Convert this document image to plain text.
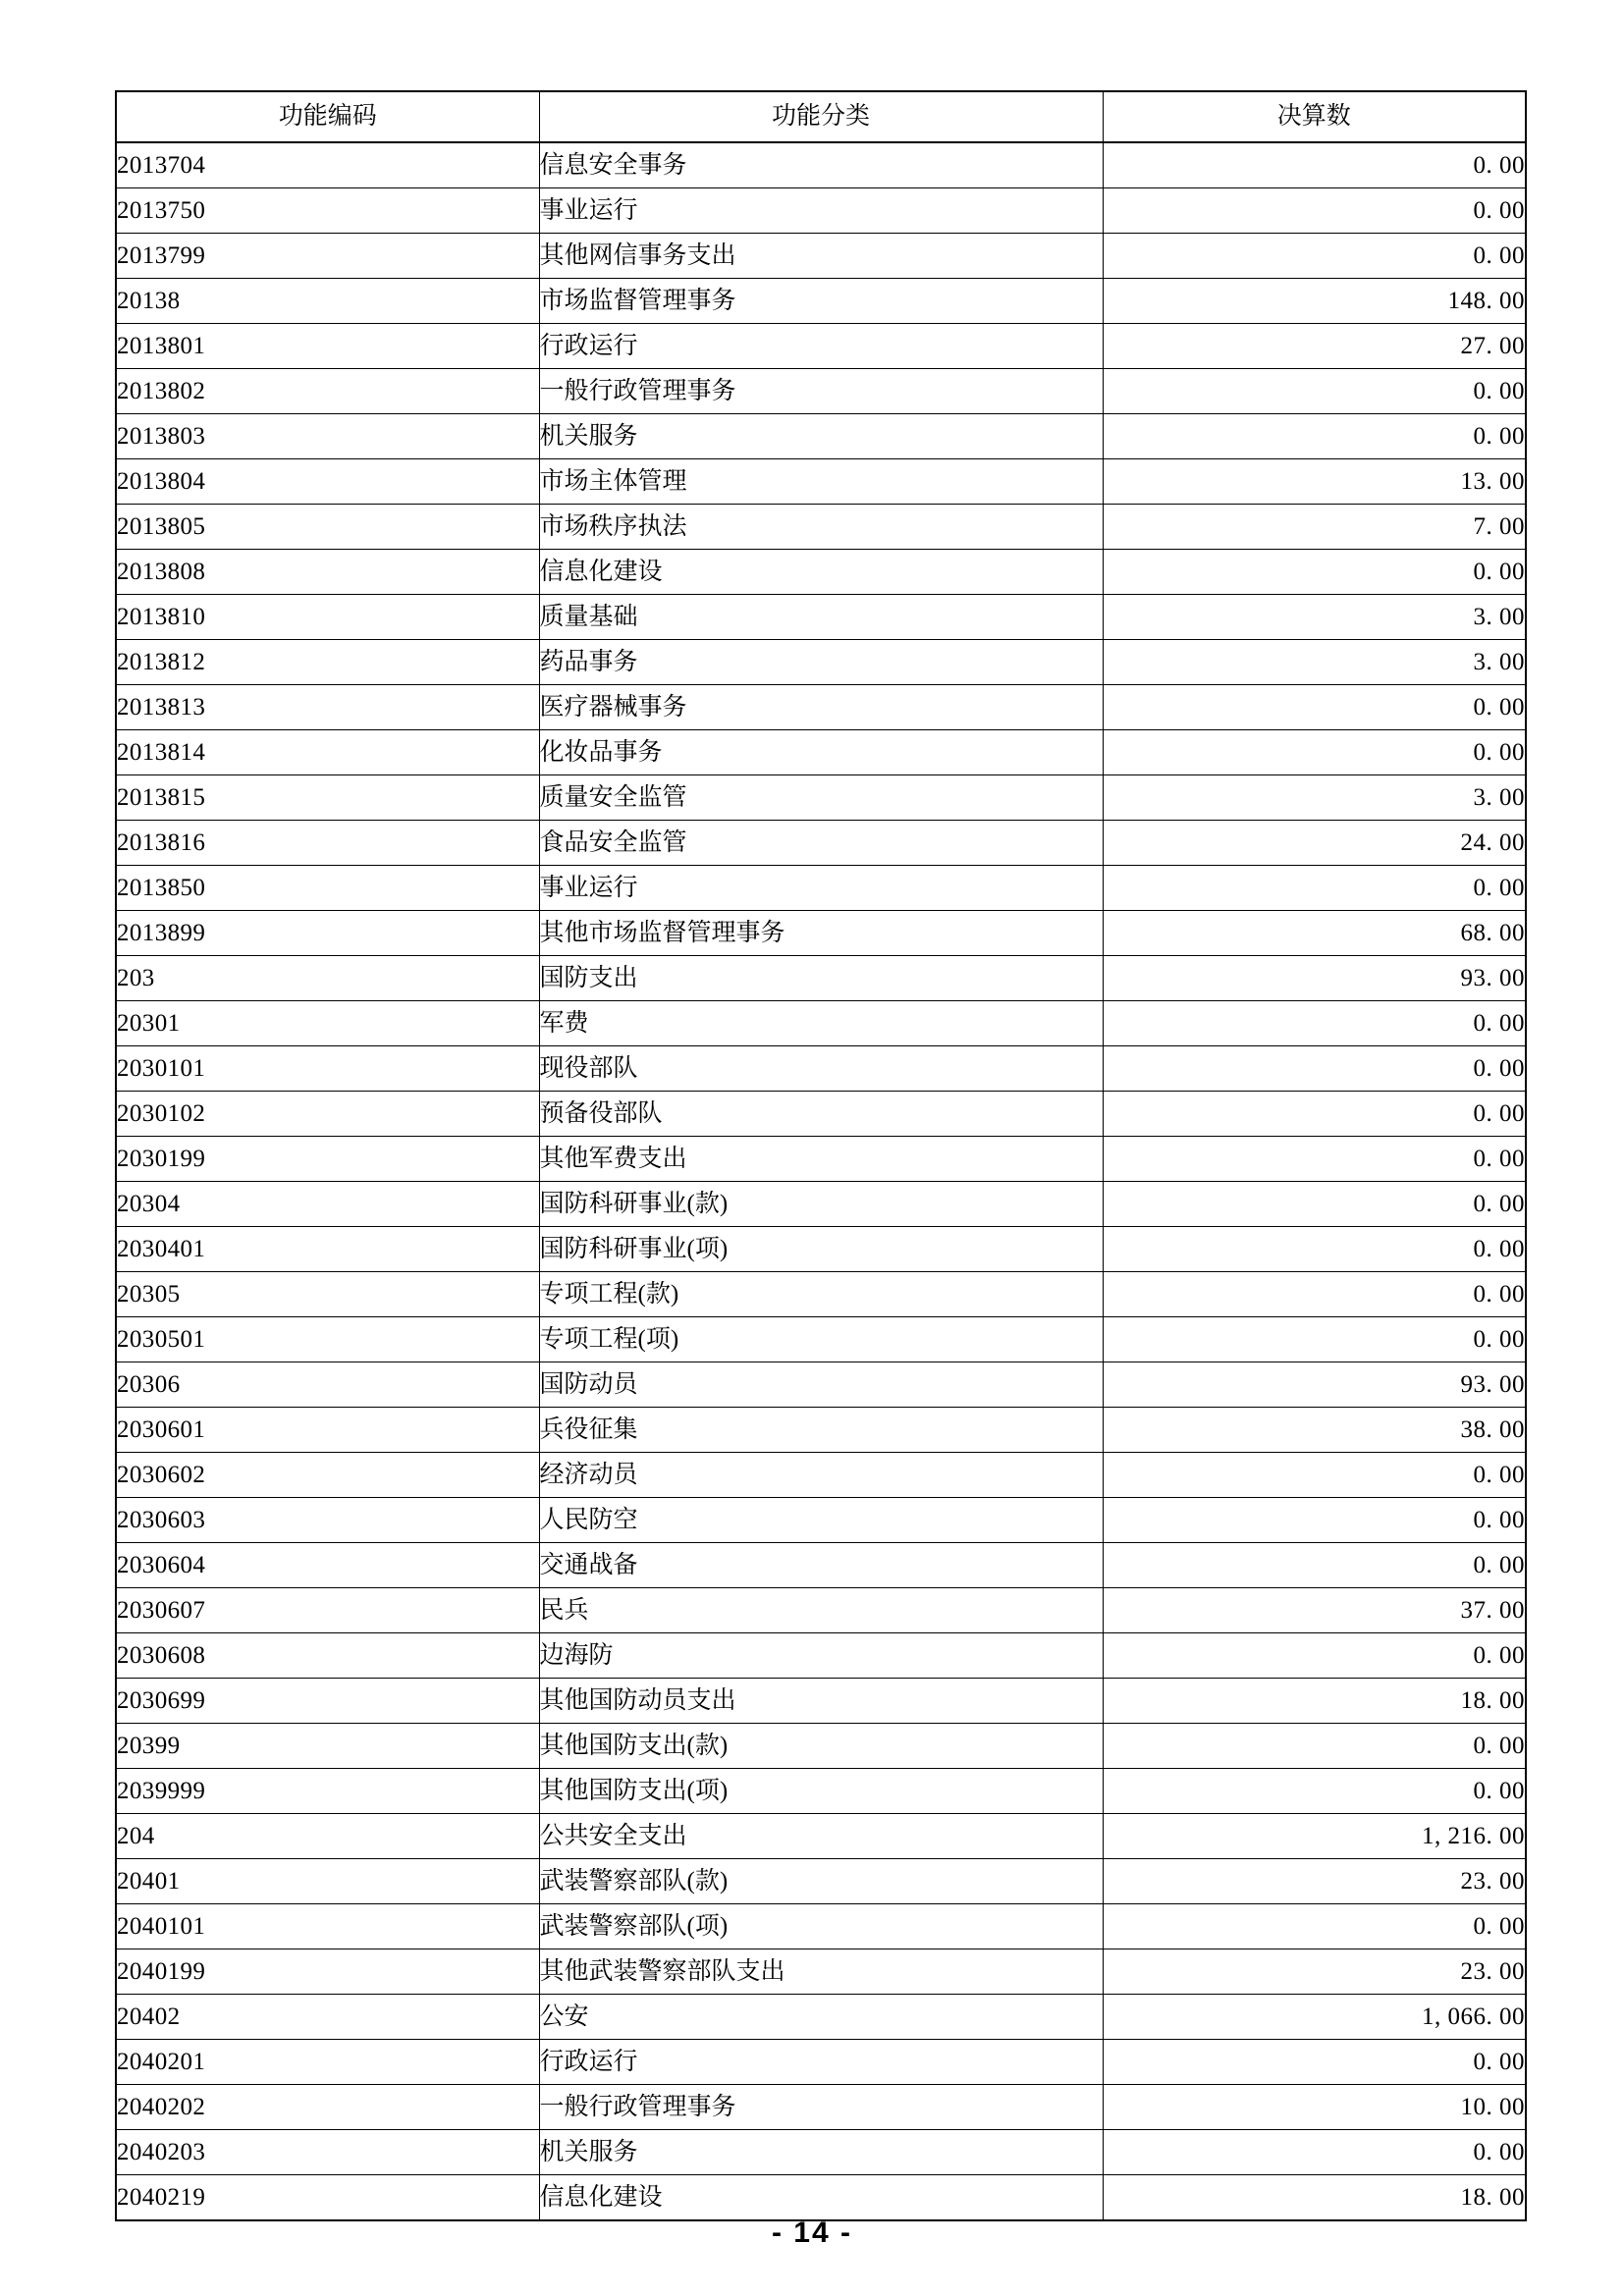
功能编码	功能分类	决算数
2013704	信息安全事务	0. 00
2013750	事业运行	0. 00
2013799	其他网信事务支出	0. 00
20138	市场监督管理事务	148. 00
2013801	行政运行	27. 00
2013802	一般行政管理事务	0. 00
2013803	机关服务	0. 00
2013804	市场主体管理	13. 00
2013805	市场秩序执法	7. 00
2013808	信息化建设	0. 00
2013810	质量基础	3. 00
2013812	药品事务	3. 00
2013813	医疗器械事务	0. 00
2013814	化妆品事务	0. 00
2013815	质量安全监管	3. 00
2013816	食品安全监管	24. 00
2013850	事业运行	0. 00
2013899	其他市场监督管理事务	68. 00
203	国防支出	93. 00
20301	军费	0. 00
2030101	现役部队	0. 00
2030102	预备役部队	0. 00
2030199	其他军费支出	0. 00
20304	国防科研事业(款)	0. 00
2030401	国防科研事业(项)	0. 00
20305	专项工程(款)	0. 00
2030501	专项工程(项)	0. 00
20306	国防动员	93. 00
2030601	兵役征集	38. 00
2030602	经济动员	0. 00
2030603	人民防空	0. 00
2030604	交通战备	0. 00
2030607	民兵	37. 00
2030608	边海防	0. 00
2030699	其他国防动员支出	18. 00
20399	其他国防支出(款)	0. 00
2039999	其他国防支出(项)	0. 00
204	公共安全支出	1, 216. 00
20401	武装警察部队(款)	23. 00
2040101	武装警察部队(项)	0. 00
2040199	其他武装警察部队支出	23. 00
20402	公安	1, 066. 00
2040201	行政运行	0. 00
2040202	一般行政管理事务	10. 00
2040203	机关服务	0. 00
2040219	信息化建设	18. 00
- 14 -
